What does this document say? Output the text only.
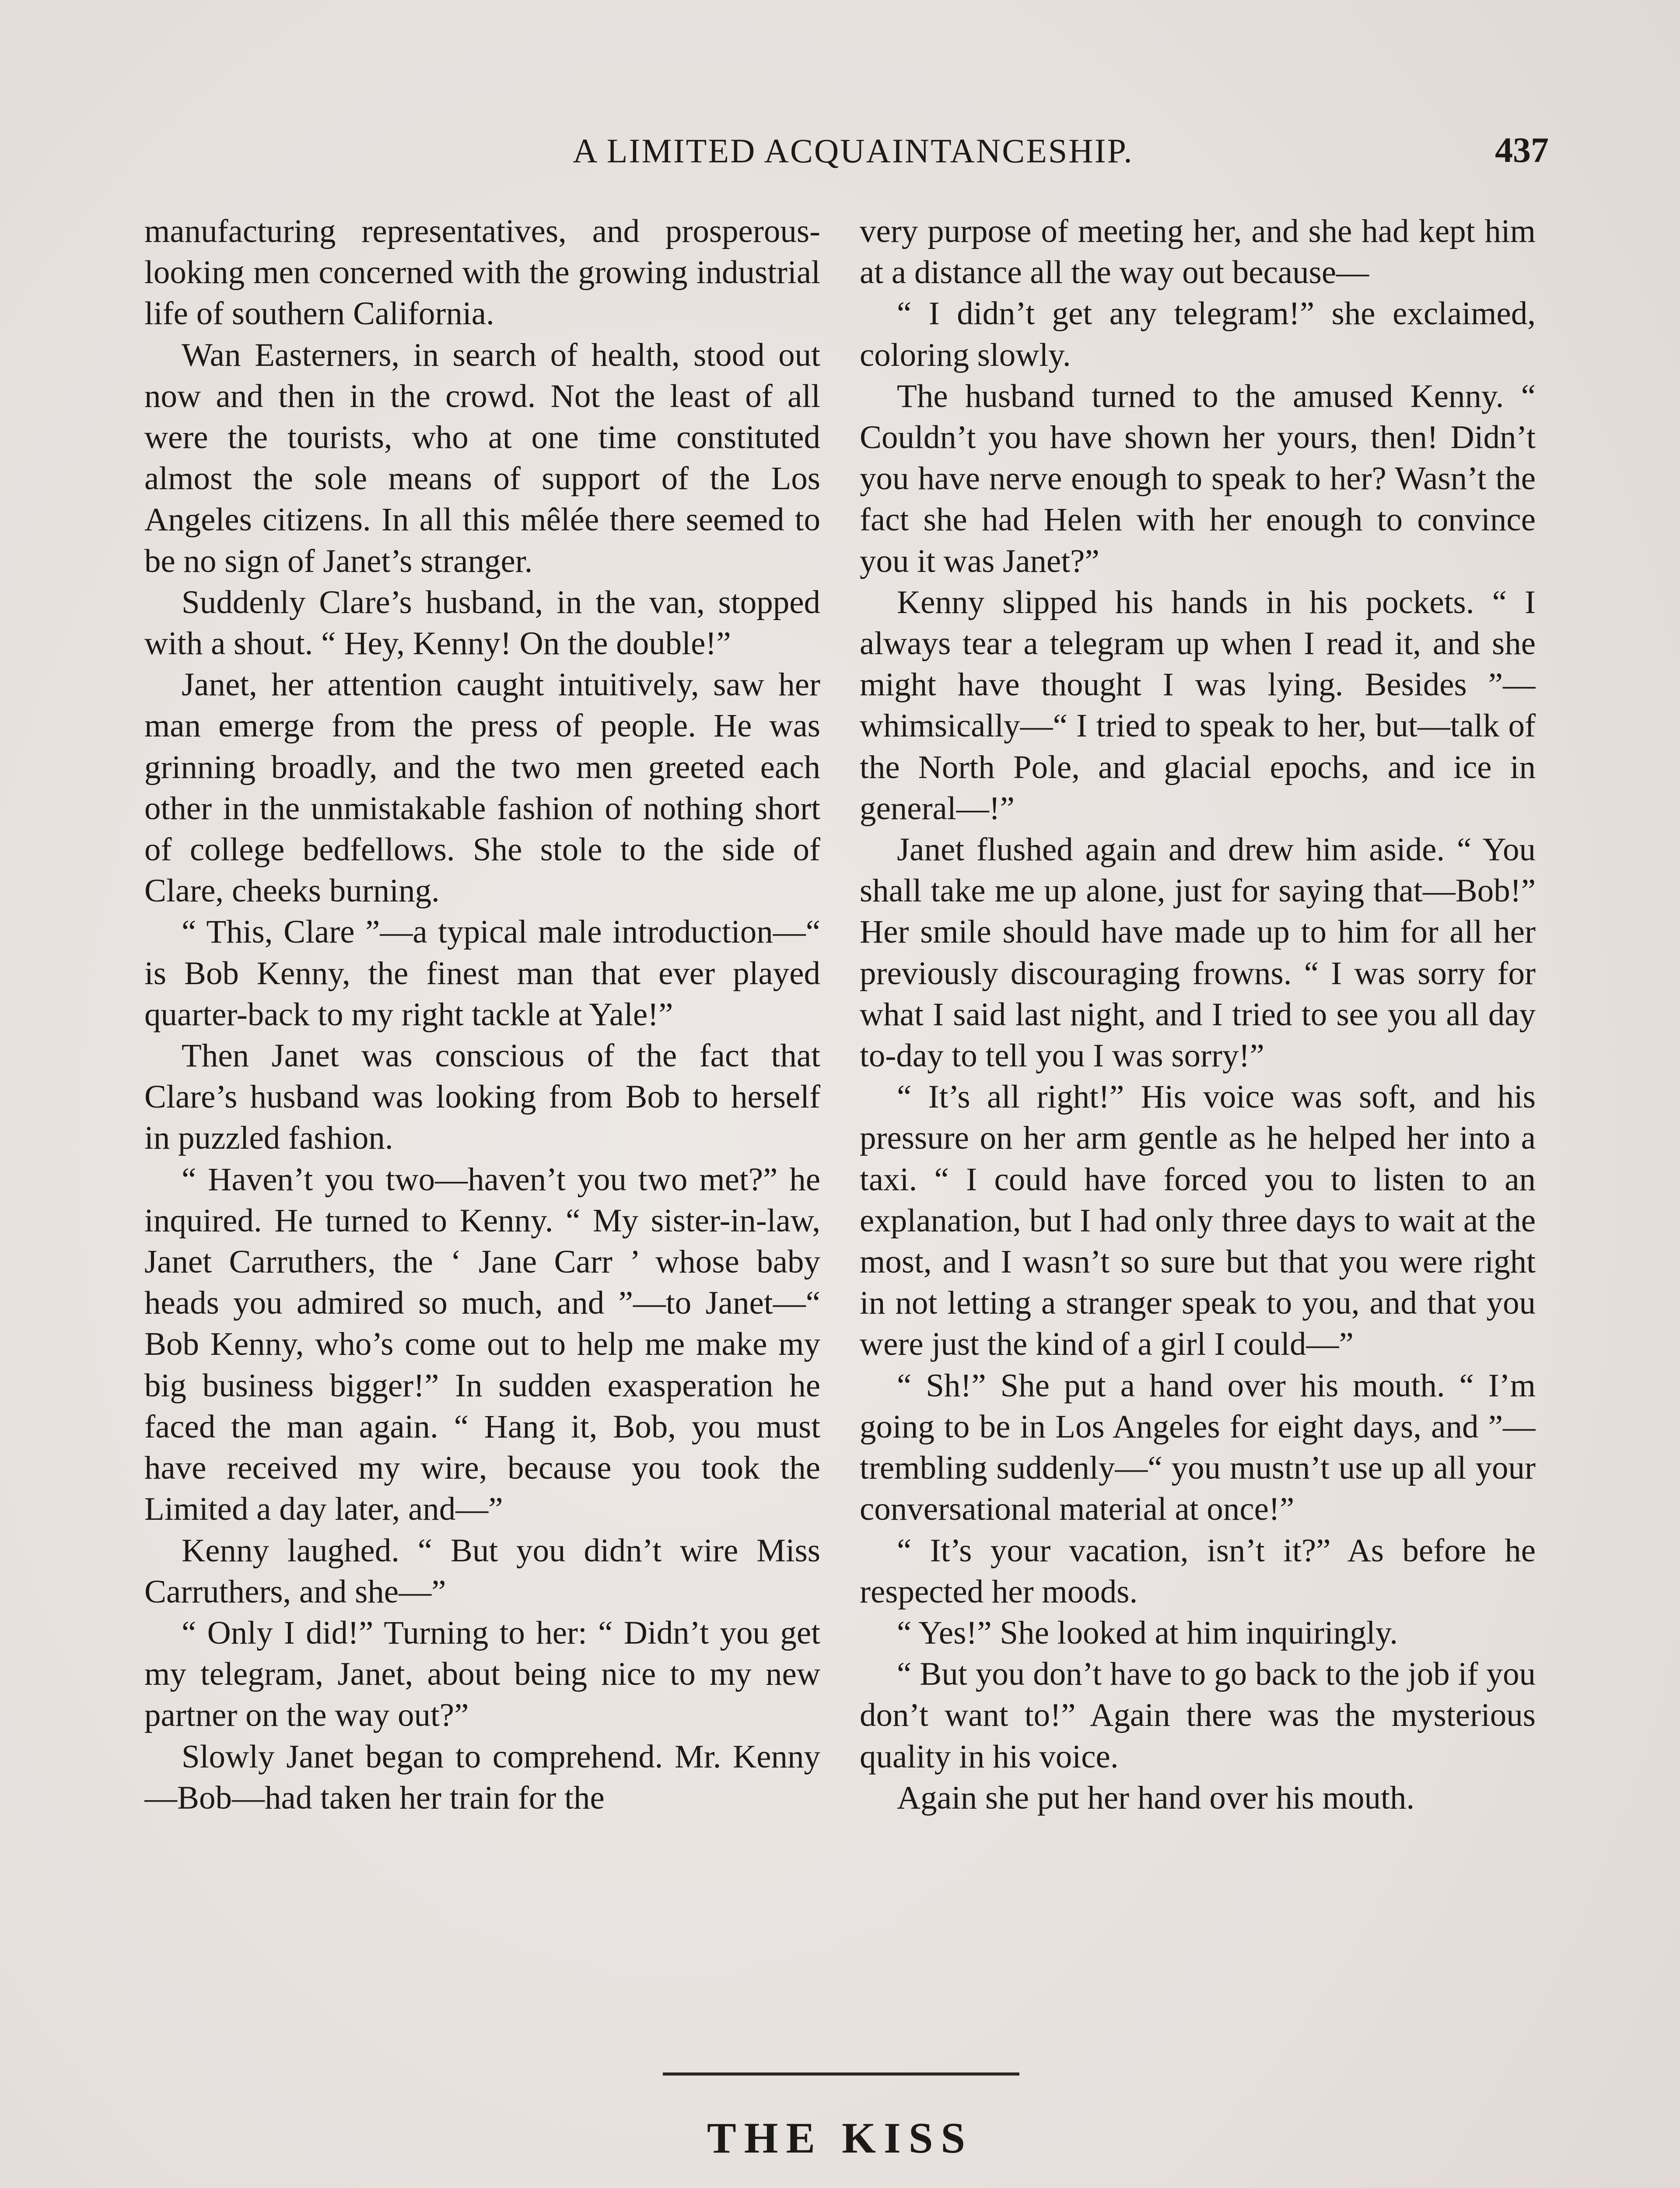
A LIMITED ACQUAINTANCESHIP.	437

manufacturing representatives, and prosperous-looking men concerned with the growing industrial life of southern California.

Wan Easterners, in search of health, stood out now and then in the crowd. Not the least of all were the tourists, who at one time constituted almost the sole means of support of the Los Angeles citizens. In all this mêlée there seemed to be no sign of Janet’s stranger.

Suddenly Clare’s husband, in the van, stopped with a shout. “ Hey, Kenny! On the double!”

Janet, her attention caught intuitively, saw her man emerge from the press of people. He was grinning broadly, and the two men greeted each other in the unmistakable fashion of nothing short of college bedfellows. She stole to the side of Clare, cheeks burning.

“ This, Clare ”—a typical male introduction—“ is Bob Kenny, the finest man that ever played quarter-back to my right tackle at Yale!”

Then Janet was conscious of the fact that Clare’s husband was looking from Bob to herself in puzzled fashion.

“ Haven’t you two—haven’t you two met?” he inquired. He turned to Kenny. “ My sister-in-law, Janet Carruthers, the ‘ Jane Carr ’ whose baby heads you admired so much, and ”—to Janet—“ Bob Kenny, who’s come out to help me make my big business bigger!” In sudden exasperation he faced the man again. “ Hang it, Bob, you must have received my wire, because you took the Limited a day later, and—”

Kenny laughed. “ But you didn’t wire Miss Carruthers, and she—”

“ Only I did!” Turning to her: “ Didn’t you get my telegram, Janet, about being nice to my new partner on the way out?”

Slowly Janet began to comprehend. Mr. Kenny—Bob—had taken her train for the

very purpose of meeting her, and she had kept him at a distance all the way out because—

“ I didn’t get any telegram!” she exclaimed, coloring slowly.

The husband turned to the amused Kenny. “ Couldn’t you have shown her yours, then! Didn’t you have nerve enough to speak to her? Wasn’t the fact she had Helen with her enough to convince you it was Janet?”

Kenny slipped his hands in his pockets. “ I always tear a telegram up when I read it, and she might have thought I was lying. Besides ”—whimsically—“ I tried to speak to her, but—talk of the North Pole, and glacial epochs, and ice in general—!”

Janet flushed again and drew him aside. “ You shall take me up alone, just for saying that—Bob!” Her smile should have made up to him for all her previously discouraging frowns. “ I was sorry for what I said last night, and I tried to see you all day to-day to tell you I was sorry!”

“ It’s all right!” His voice was soft, and his pressure on her arm gentle as he helped her into a taxi. “ I could have forced you to listen to an explanation, but I had only three days to wait at the most, and I wasn’t so sure but that you were right in not letting a stranger speak to you, and that you were just the kind of a girl I could—”

“ Sh!” She put a hand over his mouth. “ I’m going to be in Los Angeles for eight days, and ”—trembling suddenly—“ you mustn’t use up all your conversational material at once!”

“ It’s your vacation, isn’t it?” As before he respected her moods.

“ Yes!” She looked at him inquiringly.

“ But you don’t have to go back to the job if you don’t want to!” Again there was the mysterious quality in his voice.

Again she put her hand over his mouth.

THE KISS
